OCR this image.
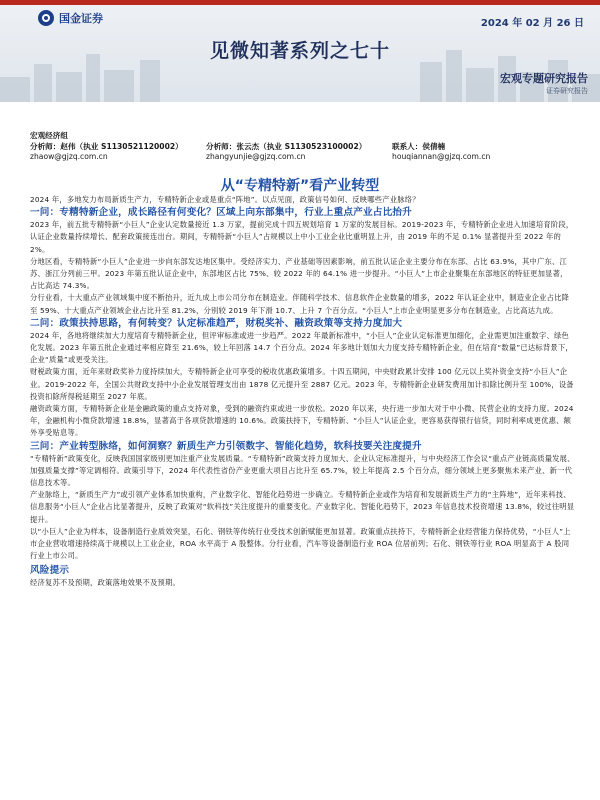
国金证券	2024 年 02 月 26 日
见微知著系列之七十
宏观专题研究报告
证券研究报告
宏观经济组
分析师：赵伟（执业 S1130521120002）	分析师：张云杰（执业 S1130523100002）	联系人：侯倩楠
zhaow@gjzq.com.cn	zhangyunjie@gjzq.com.cn	houqiannan@gjzq.com.cn
从“专精特新”看产业转型

2024 年，多地发力布局新质生产力，专精特新企业或是重点“阵地”。以点见面，政策信号如何、反映哪些产业脉络？

一问：专精特新企业，成长路径有何变化？区域上向东部集中，行业上重点产业占比抬升

2023 年，前五批专精特新“小巨人”企业认定数量接近 1.3 万家，提前完成十四五规划培育 1 万家的发展目标。2019-2023 年，专精特新企业进入加速培育阶段，认证企业数量持续增长、配套政策接连出台。期间，专精特新“小巨人”占规模以上中小工业企业比重明显上升，由 2019 年的不足 0.1% 显著提升至 2022 年的 2%。

分地区看，专精特新“小巨人”企业进一步向东部发达地区集中。受经济实力、产业基础等因素影响，前五批认证企业主要分布在东部、占比 63.9%，其中广东、江苏、浙江分列前三甲。2023 年第五批认证企业中，东部地区占比 75%、较 2022 年的 64.1% 进一步提升。“小巨人”上市企业聚集在东部地区的特征更加显著，占比高达 74.3%。

分行业看，十大重点产业领域集中度不断抬升，近九成上市公司分布在制造业。伴随科学技术、信息软件企业数量的增多，2022 年认证企业中，制造业企业占比降至 59%、十大重点产业领域企业占比升至 81.2%，分别较 2019 年下滑 10.7、上升 7 个百分点。“小巨人”上市企业明显更多分布在制造业，占比高达九成。

二问：政策扶持思路，有何转变？认定标准趋严，财税奖补、融资政策等支持力度加大

2024 年，各地将继续加大力度培育专精特新企业，但评审标准或进一步趋严。2022 年最新标准中，“小巨人”企业认定标准更加细化，企业需更加注重数字、绿色化发展。2023 年第五批企业通过率相应降至 21.6%，较上年回落 14.7 个百分点。2024 年多地计划加大力度支持专精特新企业，但在培育“数量”已达标背景下，企业“质量”或更受关注。

财税政策方面，近年来财政奖补力度持续加大，专精特新企业可享受的税收优惠政策增多。十四五期间，中央财政累计安排 100 亿元以上奖补资金支持“小巨人”企业。2019-2022 年，全国公共财政支持中小企业发展管理支出由 1878 亿元提升至 2887 亿元。2023 年，专精特新企业研发费用加计扣除比例升至 100%，设备投资扣除所得税延期至 2027 年底。

融资政策方面，专精特新企业是金融政策的重点支持对象，受到的融资约束或进一步放松。2020 年以来，央行进一步加大对于中小微、民营企业的支持力度。2024 年，金融机构小微贷款增速 18.8%，显著高于各项贷款增速的 10.6%。政策扶持下，专精特新、“小巨人”认证企业，更容易获得银行信贷，同时利率成更优惠、额外享受贴息等。

三问：产业转型脉络，如何洞察？新质生产力引领数字、智能化趋势，软科技要关注度提升

“专精特新”政策变化，反映我国国家级别更加注重产业发展质量。“专精特新”政策支持力度加大、企业认定标准提升，与中央经济工作会议“重点产业链高质量发展、加强质量支撑”等定调相符。政策引导下，2024 年代表性省份产业更重大项目占比升至 65.7%，较上年提高 2.5 个百分点，细分领域上更多聚焦未来产业、新一代信息技术等。

产业脉络上，“新质生产力”或引领产业体系加快重构，产业数字化、智能化趋势进一步确立。专精特新企业或作为培育和发展新质生产力的“主阵地”，近年来科技、信息服务“小巨人”企业占比显著提升，反映了政策对“软科技”关注度提升的重要变化。产业数字化、智能化趋势下，2023 年信息技术投资增速 13.8%，较过往明显提升。

以“小巨人”企业为样本，设备制造行业质效突显，石化、钢铁等传统行业受技术创新赋能更加显著。政策重点扶持下，专精特新企业经营能力保持优势，“小巨人”上市企业营收增速持续高于规模以上工业企业，ROA 水平高于 A 股整体。分行业看，汽车等设备制造行业 ROA 位居前列；石化、钢铁等行业 ROA 明显高于 A 股同行业上市公司。

风险提示

经济复苏不及预期，政策落地效果不及预期。
